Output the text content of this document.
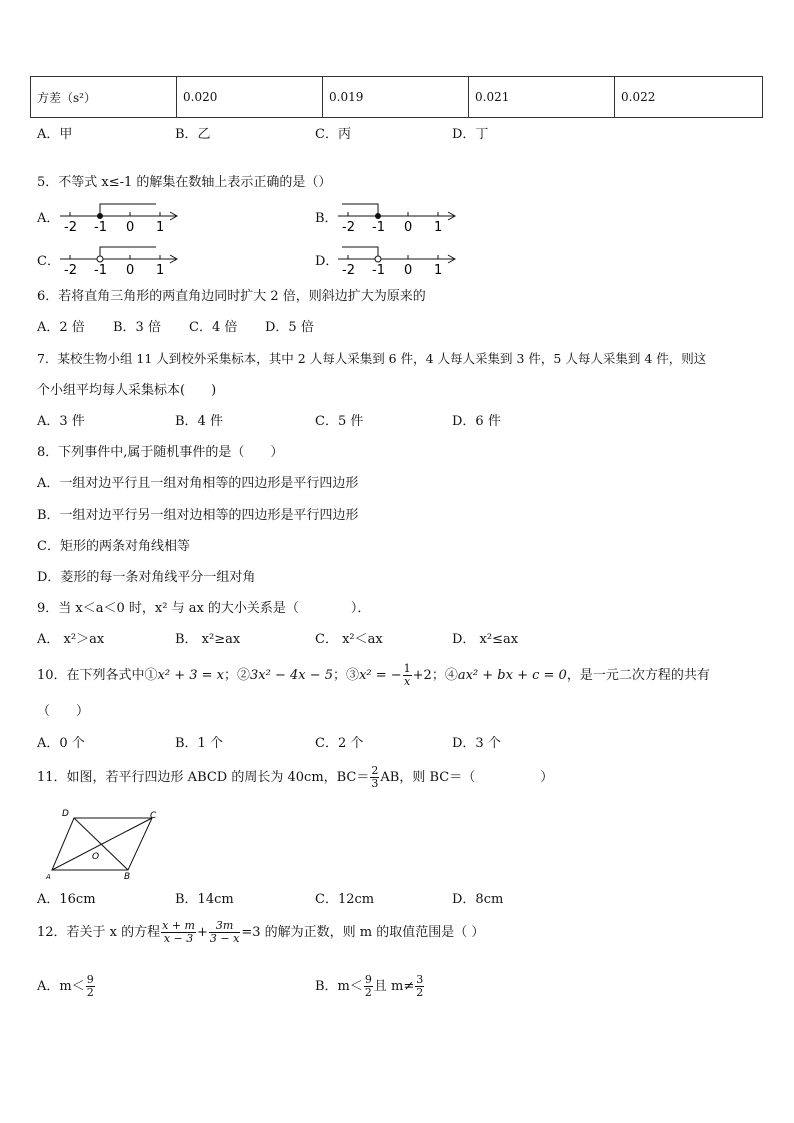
方差（s²）	0.020	0.019	0.021	0.022
A．甲	B．乙	C．丙	D．丁
5．不等式 x≤-1 的解集在数轴上表示正确的是（）
A．
-2 -1 0 1
B．
-2 -1 0 1
C．
-2 -1 0 1
D．
-2 -1 0 1
6．若将直角三角形的两直角边同时扩大 2 倍，则斜边扩大为原来的
A．2 倍 B．3 倍 C．4 倍 D．5 倍
7．某校生物小组 11 人到校外采集标本，其中 2 人每人采集到 6 件，4 人每人采集到 3 件，5 人每人采集到 4 件，则这
个小组平均每人采集标本(　　)
A．3 件	B．4 件	C．5 件	D．6 件
8．下列事件中,属于随机事件的是（　　）
A．一组对边平行且一组对角相等的四边形是平行四边形
B．一组对边平行另一组对边相等的四边形是平行四边形
C．矩形的两条对角线相等
D．菱形的每一条对角线平分一组对角
9．当 x＜a＜0 时，x² 与 ax 的大小关系是（　　　　）．
A． x²＞ax	B． x²≥ax	C． x²＜ax	D． x²≤ax
10．在下列各式中① x² + 3 = x ；② 3x² − 4x − 5 ；③ x² = − $\frac{1}{x} +2$ ；④ ax² + bx + c = 0 ，是一元二次方程的共有
（　　）
A．0 个	B．1 个	C．2 个	D．3 个
11．如图，若平行四边形 ABCD 的周长为 40cm，$BC= \frac{2}{3}$ AB，则 BC＝（　　　　　）
D	C
O
A	B
A．16cm	B．14cm	C．12cm	D．8cm
12．若关于 x 的方程 $\frac{x + m}{x - 3} + \frac{3m}{3 - x} =3$ 的解为正数，则 m 的取值范围是（ ）
A．$m< \frac{9}{2}$	B．$m< \frac{9}{2}$ 且 $m\ne \frac{3}{2}$
